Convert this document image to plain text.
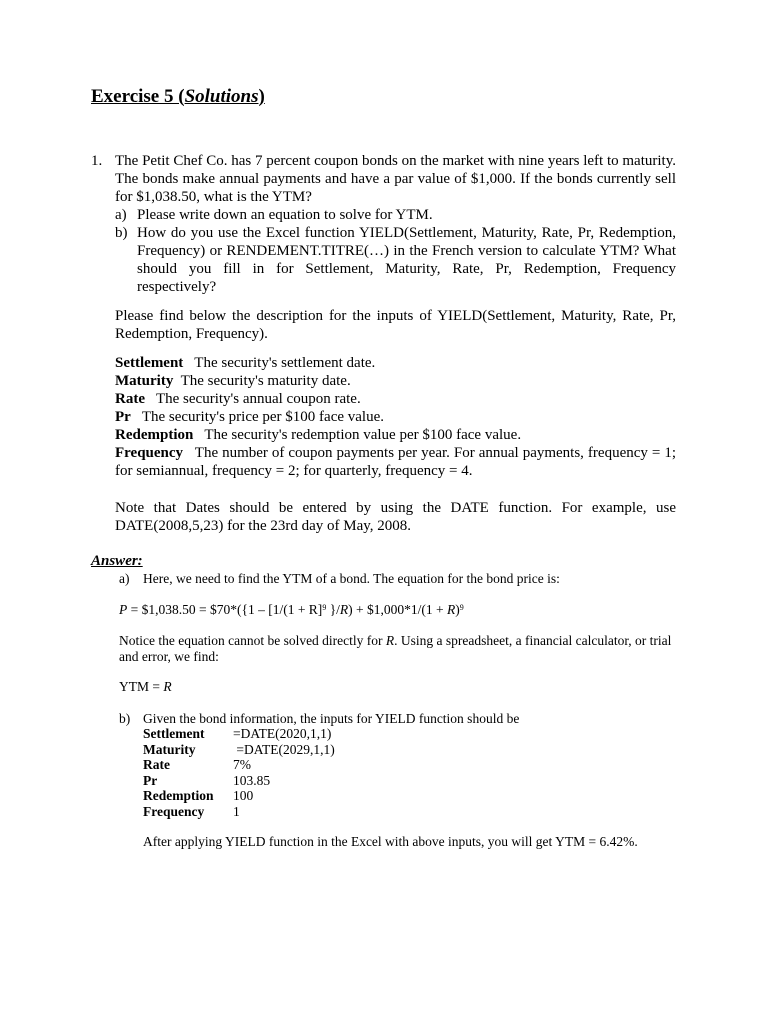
Exercise 5 (Solutions)
1. The Petit Chef Co. has 7 percent coupon bonds on the market with nine years left to maturity. The bonds make annual payments and have a par value of $1,000. If the bonds currently sell for $1,038.50, what is the YTM?
a) Please write down an equation to solve for YTM.
b) How do you use the Excel function YIELD(Settlement, Maturity, Rate, Pr, Redemption, Frequency) or RENDEMENT.TITRE(…) in the French version to calculate YTM? What should you fill in for Settlement, Maturity, Rate, Pr, Redemption, Frequency respectively?
Please find below the description for the inputs of YIELD(Settlement, Maturity, Rate, Pr, Redemption, Frequency).
Settlement The security's settlement date.
Maturity The security's maturity date.
Rate The security's annual coupon rate.
Pr The security's price per $100 face value.
Redemption The security's redemption value per $100 face value.
Frequency The number of coupon payments per year. For annual payments, frequency = 1; for semiannual, frequency = 2; for quarterly, frequency = 4.
Note that Dates should be entered by using the DATE function. For example, use DATE(2008,5,23) for the 23rd day of May, 2008.
Answer:
a)	Here, we need to find the YTM of a bond. The equation for the bond price is:
P = $1,038.50 = $70*({1 – [$1/(1 + R]^9$ }/R) + $1,000*1/(1 + R)$^9$
Notice the equation cannot be solved directly for R. Using a spreadsheet, a financial calculator, or trial and error, we find:
YTM = R
b) Given the bond information, the inputs for YIELD function should be
Settlement	=DATE(2020,1,1)
Maturity	=DATE(2029,1,1)
Rate	7%
Pr	103.85
Redemption	100
Frequency	1
After applying YIELD function in the Excel with above inputs, you will get YTM = 6.42%.
